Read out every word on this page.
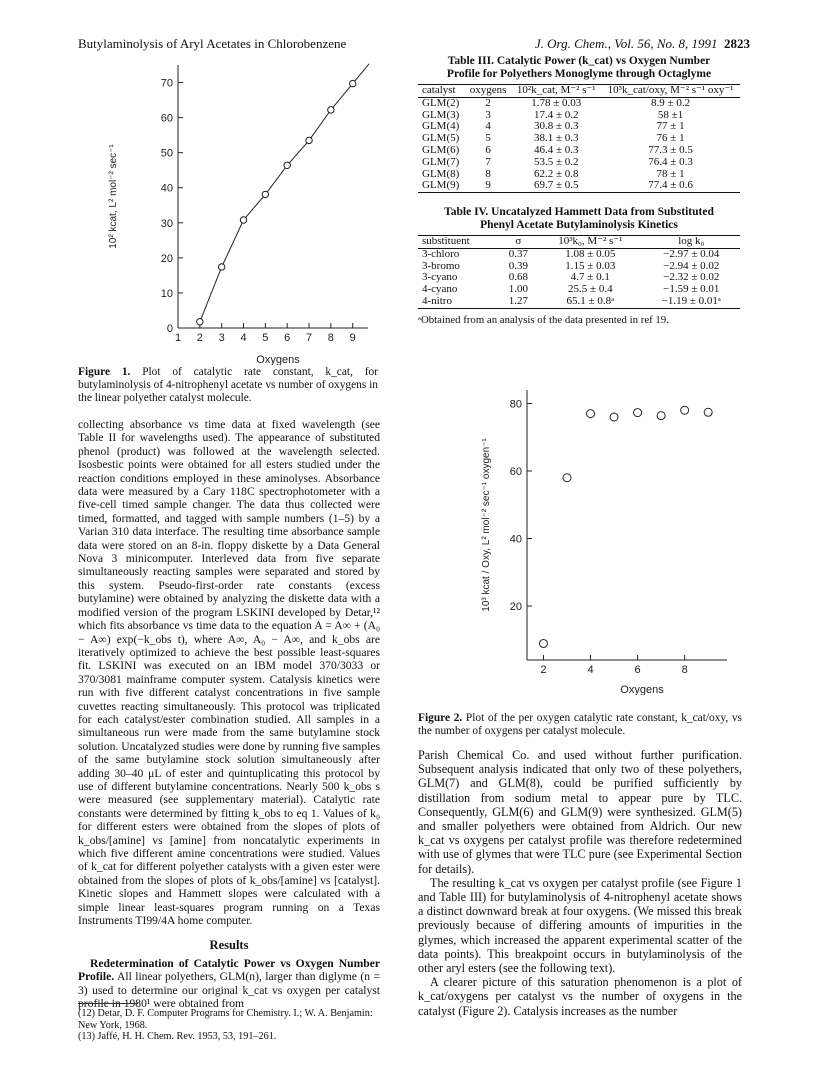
Butylaminolysis of Aryl Acetates in Chlorobenzene	J. Org. Chem., Vol. 56, No. 8, 1991 2823
0
10
20
30
40
50
60
70
1 2 3 4 5 6 7 8 9
Oxygens
10² kcat, L² mol⁻² sec⁻¹
Figure 1. Plot of catalytic rate constant, k_cat, for butylaminolysis of 4-nitrophenyl acetate vs number of oxygens in the linear polyether catalyst molecule.

collecting absorbance vs time data at fixed wavelength (see Table II for wavelengths used). The appearance of substituted phenol (product) was followed at the wavelength selected. Isosbestic points were obtained for all esters studied under the reaction conditions employed in these aminolyses. Absorbance data were measured by a Cary 118C spectrophotometer with a five-cell timed sample changer. The data thus collected were timed, formatted, and tagged with sample numbers (1–5) by a Varian 310 data interface. The resulting time absorbance sample data were stored on an 8-in. floppy diskette by a Data General Nova 3 minicomputer. Interleved data from five separate simultaneously reacting samples were separated and stored by this system. Pseudo-first-order rate constants (excess butylamine) were obtained by analyzing the diskette data with a modified version of the program LSKINI developed by Detar,¹² which fits absorbance vs time data to the equation A = A∞ + (A₀ − A∞) exp(−k_obs t), where A∞, A₀ − A∞, and k_obs are iteratively optimized to achieve the best possible least-squares fit. LSKINI was executed on an IBM model 370/3033 or 370/3081 mainframe computer system. Catalysis kinetics were run with five different catalyst concentrations in five sample cuvettes reacting simultaneously. This protocol was triplicated for each catalyst/ester combination studied. All samples in a simultaneous run were made from the same butylamine stock solution. Uncatalyzed studies were done by running five samples of the same butylamine stock solution simultaneously after adding 30–40 μL of ester and quintuplicating this protocol by use of different butylamine concentrations. Nearly 500 k_obs s were measured (see supplementary material). Catalytic rate constants were determined by fitting k_obs to eq 1. Values of k₀ for different esters were obtained from the slopes of plots of k_obs/[amine] vs [amine] from noncatalytic experiments in which five different amine concentrations were studied. Values of k_cat for different polyether catalysts with a given ester were obtained from the slopes of plots of k_obs/[amine] vs [catalyst]. Kinetic slopes and Hammett slopes were calculated with a simple linear least-squares program running on a Texas Instruments TI99/4A home computer.

Results

Redetermination of Catalytic Power vs Oxygen Number Profile. All linear polyethers, GLM(n), larger than diglyme (n = 3) used to determine our original k_cat vs oxygen per catalyst profile in 1980¹ were obtained from

(12) Detar, D. F. Computer Programs for Chemistry. I.; W. A. Benjamin: New York, 1968.
(13) Jaffé, H. H. Chem. Rev. 1953, 53, 191–261.
Table III. Catalytic Power (k_cat) vs Oxygen Number
Profile for Polyethers Monoglyme through Octaglyme
catalyst	oxygens	10²k_cat, M⁻² s⁻¹	10³k_cat/oxy, M⁻² s⁻¹ oxy⁻¹
GLM(2)	2	1.78 ± 0.03	8.9 ± 0.2
GLM(3)	3	17.4 ± 0.2	58 ±1
GLM(4)	4	30.8 ± 0.3	77 ± 1
GLM(5)	5	38.1 ± 0.3	76 ± 1
GLM(6)	6	46.4 ± 0.3	77.3 ± 0.5
GLM(7)	7	53.5 ± 0.2	76.4 ± 0.3
GLM(8)	8	62.2 ± 0.8	78 ± 1
GLM(9)	9	69.7 ± 0.5	77.4 ± 0.6
Table IV. Uncatalyzed Hammett Data from Substituted
Phenyl Acetate Butylaminolysis Kinetics
substituent	σ	10³k₀, M⁻² s⁻¹	log k₀
3-chloro	0.37	1.08 ± 0.05	−2.97 ± 0.04
3-bromo	0.39	1.15 ± 0.03	−2.94 ± 0.02
3-cyano	0.68	4.7 ± 0.1	−2.32 ± 0.02
4-cyano	1.00	25.5 ± 0.4	−1.59 ± 0.01
4-nitro	1.27	65.1 ± 0.8ᵃ	−1.19 ± 0.01ᵃ
ᵃObtained from an analysis of the data presented in ref 19.
20
40
60
80
2	4	6	8
Oxygens
10³ kcat / Oxy, L² mol⁻² sec⁻¹ oxygen⁻¹
Figure 2. Plot of the per oxygen catalytic rate constant, k_cat/oxy, vs the number of oxygens per catalyst molecule.

Parish Chemical Co. and used without further purification. Subsequent analysis indicated that only two of these polyethers, GLM(7) and GLM(8), could be purified sufficiently by distillation from sodium metal to appear pure by TLC. Consequently, GLM(6) and GLM(9) were synthesized. GLM(5) and smaller polyethers were obtained from Aldrich. Our new k_cat vs oxygens per catalyst profile was therefore redetermined with use of glymes that were TLC pure (see Experimental Section for details).

The resulting k_cat vs oxygen per catalyst profile (see Figure 1 and Table III) for butylaminolysis of 4-nitrophenyl acetate shows a distinct downward break at four oxygens. (We missed this break previously because of differing amounts of impurities in the glymes, which increased the apparent experimental scatter of the data points). This breakpoint occurs in butylaminolysis of the other aryl esters (see the following text).

A clearer picture of this saturation phenomenon is a plot of k_cat/oxygens per catalyst vs the number of oxygens in the catalyst (Figure 2). Catalysis increases as the number
